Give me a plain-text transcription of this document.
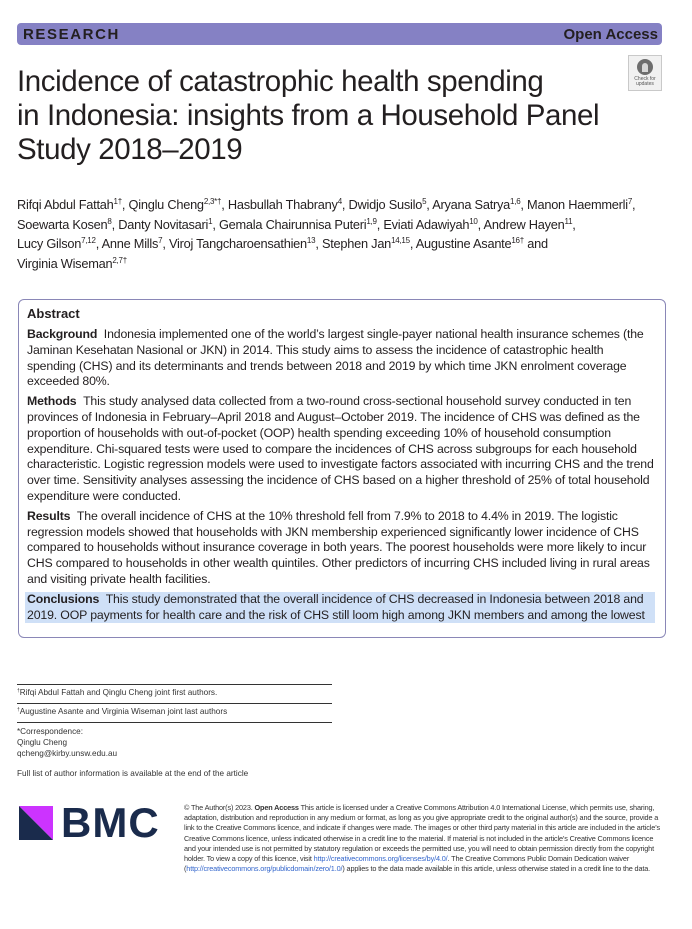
RESEARCH	Open Access
Check for
updates
Incidence of catastrophic health spending
in Indonesia: insights from a Household Panel
Study 2018–2019
Rifqi Abdul Fattah$^{1\dagger}$, Qinglu Cheng$^{2,3*\dagger}$, Hasbullah Thabrany$^4$, Dwidjo Susilo$^5$, Aryana Satrya$^{1,6}$, Manon Haemmerli$^7$,
Soewarta Kosen$^8$, Danty Novitasari$^1$, Gemala Chairunnisa Puteri$^{1,9}$, Eviati Adawiyah$^{10}$, Andrew Hayen$^{11}$,
Lucy Gilson$^{7,12}$, Anne Mills$^7$, Viroj Tangcharoensathien$^{13}$, Stephen Jan$^{14,15}$, Augustine Asante$^{16\dagger}$ and
Virginia Wiseman$^{2,7\dagger}$
Abstract
Background Indonesia implemented one of the world’s largest single-payer national health insurance schemes (the Jaminan Kesehatan Nasional or JKN) in 2014. This study aims to assess the incidence of catastrophic health spending (CHS) and its determinants and trends between 2018 and 2019 by which time JKN enrolment coverage exceeded 80%.
Methods This study analysed data collected from a two-round cross-sectional household survey conducted in ten provinces of Indonesia in February–April 2018 and August–October 2019. The incidence of CHS was defined as the proportion of households with out-of-pocket (OOP) health spending exceeding 10% of household consumption expenditure. Chi-squared tests were used to compare the incidences of CHS across subgroups for each household characteristic. Logistic regression models were used to investigate factors associated with incurring CHS and the trend over time. Sensitivity analyses assessing the incidence of CHS based on a higher threshold of 25% of total household expenditure were conducted.
Results The overall incidence of CHS at the 10% threshold fell from 7.9% to 2018 to 4.4% in 2019. The logistic regression models showed that households with JKN membership experienced significantly lower incidence of CHS compared to households without insurance coverage in both years. The poorest households were more likely to incur CHS compared to households in other wealth quintiles. Other predictors of incurring CHS included living in rural areas and visiting private health facilities.
Conclusions This study demonstrated that the overall incidence of CHS decreased in Indonesia between 2018 and 2019. OOP payments for health care and the risk of CHS still loom high among JKN members and among the lowest
†Rifqi Abdul Fattah and Qinglu Cheng joint first authors.
†Augustine Asante and Virginia Wiseman joint last authors
*Correspondence:
Qinglu Cheng
qcheng@kirby.unsw.edu.au
Full list of author information is available at the end of the article
BMC	© The Author(s) 2023. Open Access This article is licensed under a Creative Commons Attribution 4.0 International License, which permits use, sharing, adaptation, distribution and reproduction in any medium or format, as long as you give appropriate credit to the original author(s) and the source, provide a link to the Creative Commons licence, and indicate if changes were made. The images or other third party material in this article are included in the article’s Creative Commons licence, unless indicated otherwise in a credit line to the material. If material is not included in the article’s Creative Commons licence and your intended use is not permitted by statutory regulation or exceeds the permitted use, you will need to obtain permission directly from the copyright holder. To view a copy of this licence, visit http://creativecommons.org/licenses/by/4.0/. The Creative Commons Public Domain Dedication waiver (http://creativecommons.org/publicdomain/zero/1.0/) applies to the data made available in this article, unless otherwise stated in a credit line to the data.
